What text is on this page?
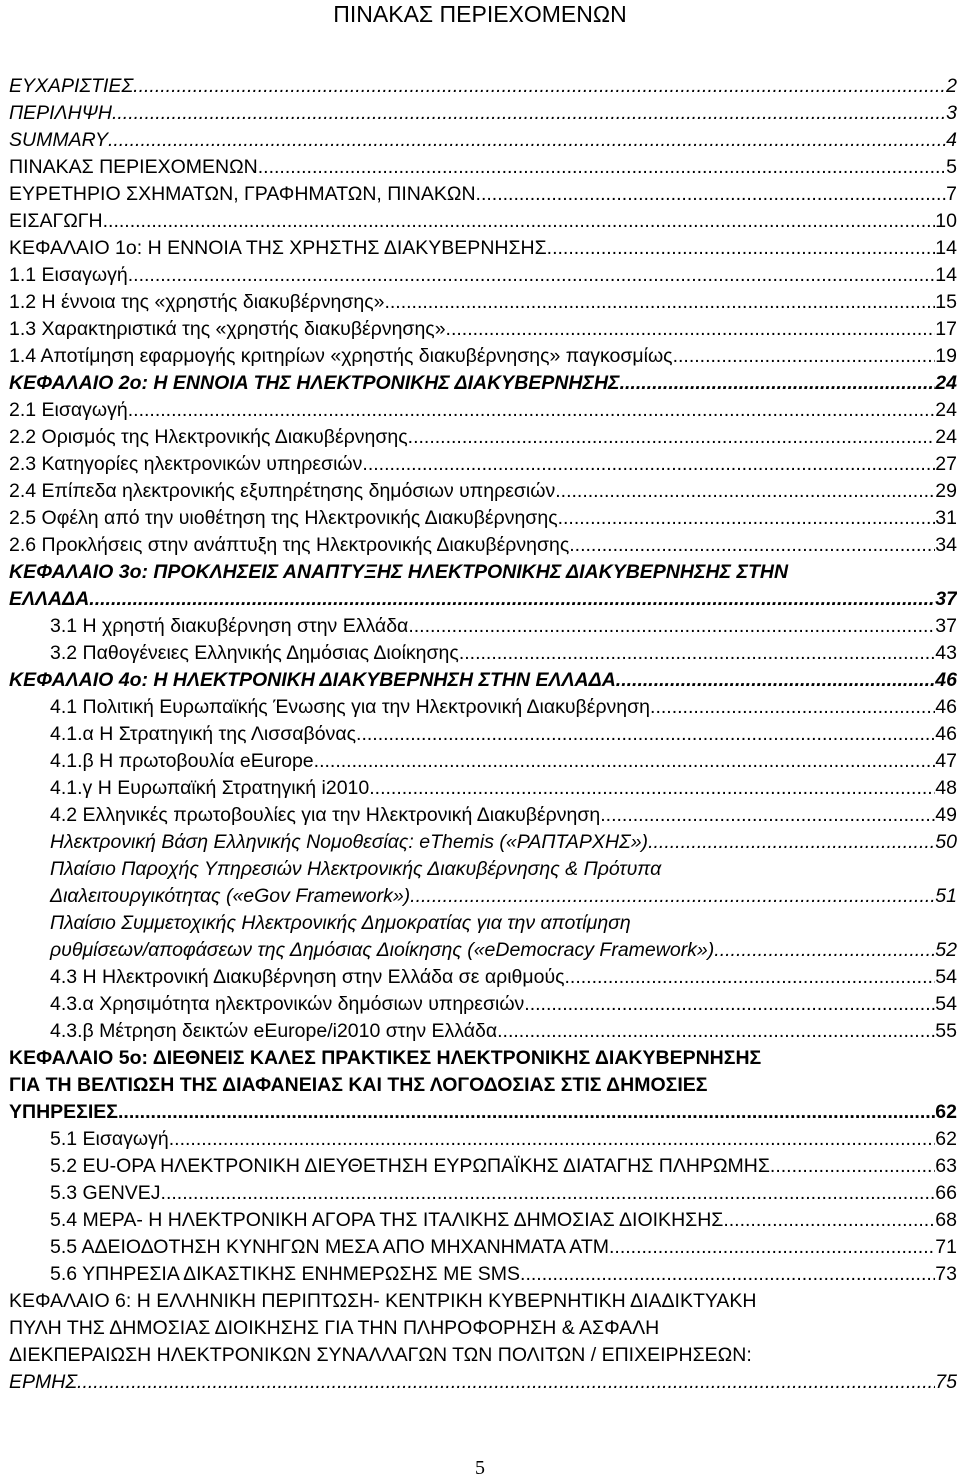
ΠΙΝΑΚΑΣ ΠΕΡΙΕΧΟΜΕΝΩΝ
ΕΥΧΑΡΙΣΤΙΕΣ .....	2
ΠΕΡΙΛΗΨΗ .....	3
SUMMARY .....	4
ΠΙΝΑΚΑΣ ΠΕΡΙΕΧΟΜΕΝΩΝ .....	5
ΕΥΡΕΤΗΡΙΟ ΣΧΗΜΑΤΩΝ, ΓΡΑΦΗΜΑΤΩΝ, ΠΙΝΑΚΩΝ .....	7
ΕΙΣΑΓΩΓΗ .....	10
ΚΕΦΑΛΑΙΟ 1ο: Η ΕΝΝΟΙΑ ΤΗΣ ΧΡΗΣΤΗΣ ΔΙΑΚΥΒΕΡΝΗΣΗΣ .....	14
1.1 Εισαγωγή .....	14
1.2 Η έννοια της «χρηστής διακυβέρνησης» .....	15
1.3 Χαρακτηριστικά της «χρηστής διακυβέρνησης» .....	17
1.4 Αποτίμηση εφαρμογής κριτηρίων «χρηστής διακυβέρνησης» παγκοσμίως .....	19
ΚΕΦΑΛΑΙΟ 2ο: Η ΕΝΝΟΙΑ ΤΗΣ ΗΛΕΚΤΡΟΝΙΚΗΣ ΔΙΑΚΥΒΕΡΝΗΣΗΣ .....	24
2.1 Εισαγωγή .....	24
2.2 Ορισμός της Ηλεκτρονικής Διακυβέρνησης .....	24
2.3 Κατηγορίες ηλεκτρονικών υπηρεσιών .....	27
2.4 Επίπεδα ηλεκτρονικής εξυπηρέτησης δημόσιων υπηρεσιών .....	29
2.5 Οφέλη από την υιοθέτηση της Ηλεκτρονικής Διακυβέρνησης .....	31
2.6 Προκλήσεις στην ανάπτυξη της Ηλεκτρονικής Διακυβέρνησης .....	34
ΚΕΦΑΛΑΙΟ 3ο: ΠΡΟΚΛΗΣΕΙΣ ΑΝΑΠΤΥΞΗΣ ΗΛΕΚΤΡΟΝΙΚΗΣ ΔΙΑΚΥΒΕΡΝΗΣΗΣ ΣΤΗΝ
ΕΛΛΑΔΑ .....	37
3.1 Η χρηστή διακυβέρνηση στην Ελλάδα .....	37
3.2 Παθογένειες Ελληνικής Δημόσιας Διοίκησης .....	43
ΚΕΦΑΛΑΙΟ 4ο: Η ΗΛΕΚΤΡΟΝΙΚΗ ΔΙΑΚΥΒΕΡΝΗΣΗ ΣΤΗΝ ΕΛΛΑΔΑ .....	46
4.1 Πολιτική Ευρωπαϊκής Ένωσης για την Ηλεκτρονική Διακυβέρνηση .....	46
4.1.α Η Στρατηγική της Λισσαβόνας .....	46
4.1.β Η πρωτοβουλία eEurope .....	47
4.1.γ Η Ευρωπαϊκή Στρατηγική i2010 .....	48
4.2 Ελληνικές πρωτοβουλίες για την Ηλεκτρονική Διακυβέρνηση .....	49
Ηλεκτρονική Βάση Ελληνικής Νομοθεσίας: eThemis («ΡΑΠΤΑΡΧΗΣ») .....	50
Πλαίσιο Παροχής Υπηρεσιών Ηλεκτρονικής Διακυβέρνησης & Πρότυπα
Διαλειτουργικότητας («eGov Framework») .....	51
Πλαίσιο Συμμετοχικής Ηλεκτρονικής Δημοκρατίας για την αποτίμηση
ρυθμίσεων/αποφάσεων της Δημόσιας Διοίκησης («eDemocracy Framework») .....	52
4.3 Η Ηλεκτρονική Διακυβέρνηση στην Ελλάδα σε αριθμούς .....	54
4.3.α Χρησιμότητα ηλεκτρονικών δημόσιων υπηρεσιών .....	54
4.3.β Μέτρηση δεικτών eEurope/i2010 στην Ελλάδα .....	55
ΚΕΦΑΛΑΙΟ 5ο: ΔΙΕΘΝΕΙΣ ΚΑΛΕΣ ΠΡΑΚΤΙΚΕΣ ΗΛΕΚΤΡΟΝΙΚΗΣ ΔΙΑΚΥΒΕΡΝΗΣΗΣ
ΓΙΑ ΤΗ ΒΕΛΤΙΩΣΗ ΤΗΣ ΔΙΑΦΑΝΕΙΑΣ ΚΑΙ ΤΗΣ ΛΟΓΟΔΟΣΙΑΣ ΣΤΙΣ ΔΗΜΟΣΙΕΣ
ΥΠΗΡΕΣΙΕΣ .....	62
5.1 Εισαγωγή .....	62
5.2 EU-OPA ΗΛΕΚΤΡΟΝΙΚΗ ΔΙΕΥΘΕΤΗΣΗ ΕΥΡΩΠΑΪΚΗΣ ΔΙΑΤΑΓΗΣ ΠΛΗΡΩΜΗΣ .....	63
5.3 GENVEJ .....	66
5.4 MEPA- Η ΗΛΕΚΤΡΟΝΙΚΗ ΑΓΟΡΑ ΤΗΣ ΙΤΑΛΙΚΗΣ ΔΗΜΟΣΙΑΣ ΔΙΟΙΚΗΣΗΣ .....	68
5.5 ΑΔΕΙΟΔΟΤΗΣΗ ΚΥΝΗΓΩΝ ΜΕΣΑ ΑΠΟ ΜΗΧΑΝΗΜΑΤΑ ΑΤΜ .....	71
5.6 ΥΠΗΡΕΣΙΑ ΔΙΚΑΣΤΙΚΗΣ ΕΝΗΜΕΡΩΣΗΣ ΜΕ SMS .....	73
ΚΕΦΑΛΑΙΟ 6: Η ΕΛΛΗΝΙΚΗ ΠΕΡΙΠΤΩΣΗ- ΚΕΝΤΡΙΚΗ ΚΥΒΕΡΝΗΤΙΚΗ ΔΙΑΔΙΚΤΥΑΚΗ
ΠΥΛΗ ΤΗΣ ΔΗΜΟΣΙΑΣ ΔΙΟΙΚΗΣΗΣ ΓΙΑ ΤΗΝ ΠΛΗΡΟΦΟΡΗΣΗ & ΑΣΦΑΛΗ
ΔΙΕΚΠΕΡΑΙΩΣΗ ΗΛΕΚΤΡΟΝΙΚΩΝ ΣΥΝΑΛΛΑΓΩΝ ΤΩΝ ΠΟΛΙΤΩΝ / ΕΠΙΧΕΙΡΗΣΕΩΝ:
ΕΡΜΗΣ .....	75
5
